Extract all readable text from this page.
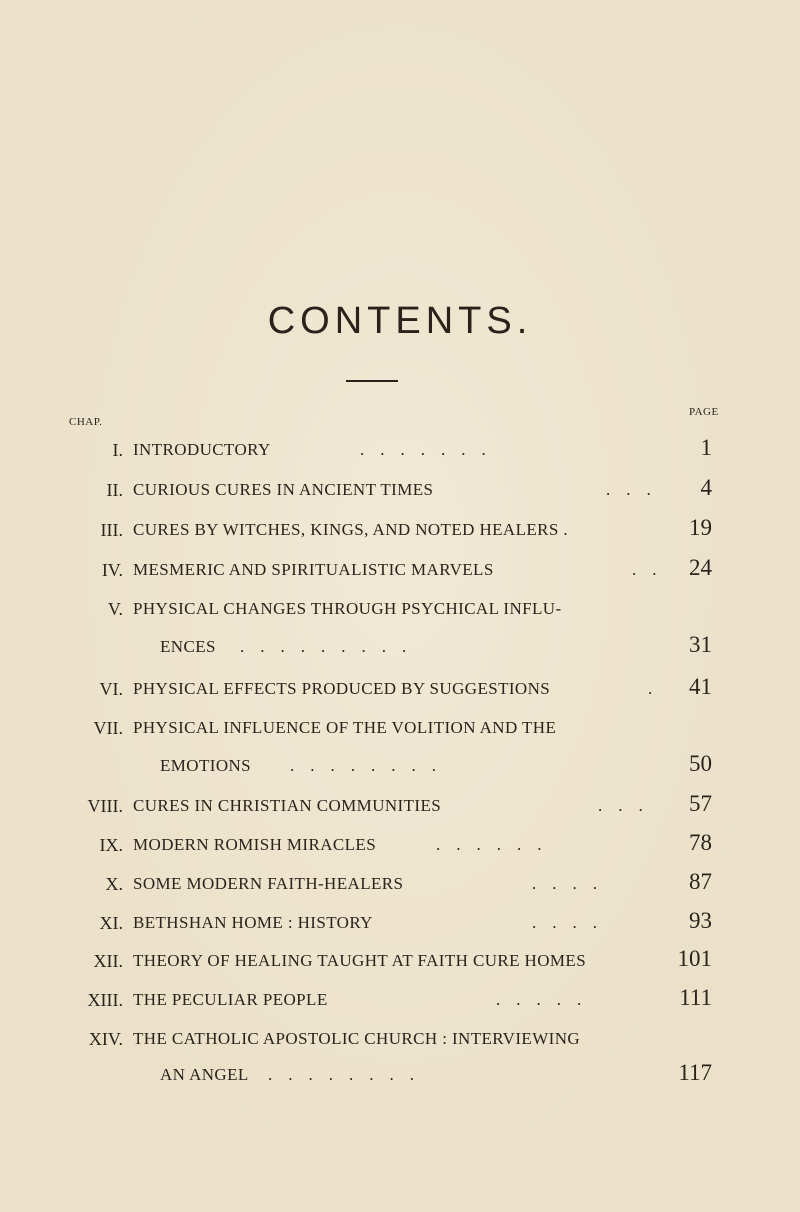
CONTENTS.
CHAP.
PAGE
I. INTRODUCTORY	.......	1
II. CURIOUS CURES IN ANCIENT TIMES	... 4
III. CURES BY WITCHES, KINGS, AND NOTED HEALERS .	19
IV. MESMERIC AND SPIRITUALISTIC MARVELS	.. 24
V. PHYSICAL CHANGES THROUGH PSYCHICAL INFLU-
ENCES .........	31
VI. PHYSICAL EFFECTS PRODUCED BY SUGGESTIONS	. 41
VII. PHYSICAL INFLUENCE OF THE VOLITION AND THE
EMOTIONS ........	50
VIII. CURES IN CHRISTIAN COMMUNITIES	... 57
IX. MODERN ROMISH MIRACLES	......	78
X. SOME MODERN FAITH-HEALERS	....	87
XI. BETHSHAN HOME : HISTORY	....	93
XII. THEORY OF HEALING TAUGHT AT FAITH CURE HOMES	101
XIII. THE PECULIAR PEOPLE	.....	111
XIV. THE CATHOLIC APOSTOLIC CHURCH : INTERVIEWING
AN ANGEL ........	117
